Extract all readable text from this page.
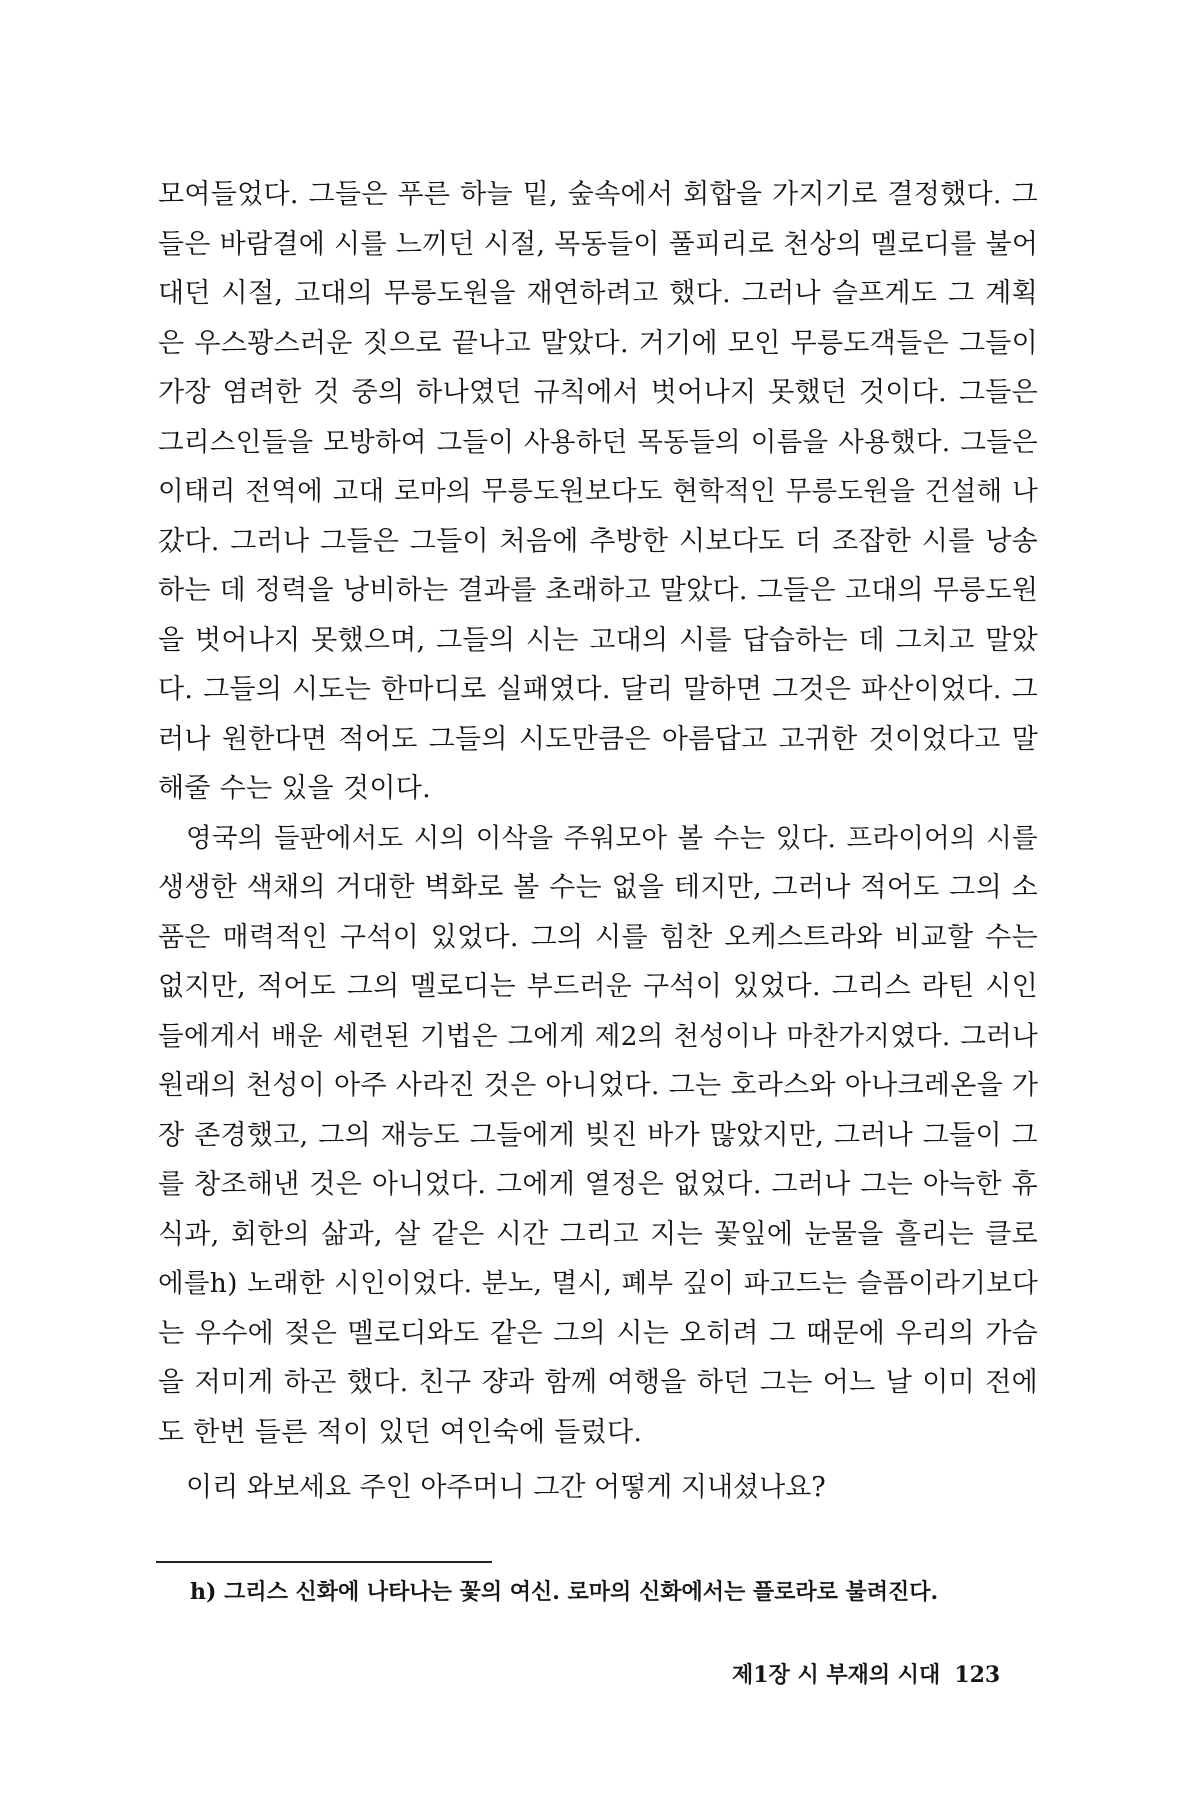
모여들었다. 그들은 푸른 하늘 밑, 숲속에서 회합을 가지기로 결정했다. 그
들은 바람결에 시를 느끼던 시절, 목동들이 풀피리로 천상의 멜로디를 불어
대던 시절, 고대의 무릉도원을 재연하려고 했다. 그러나 슬프게도 그 계획
은 우스꽝스러운 짓으로 끝나고 말았다. 거기에 모인 무릉도객들은 그들이
가장 염려한 것 중의 하나였던 규칙에서 벗어나지 못했던 것이다. 그들은
그리스인들을 모방하여 그들이 사용하던 목동들의 이름을 사용했다. 그들은
이태리 전역에 고대 로마의 무릉도원보다도 현학적인 무릉도원을 건설해 나
갔다. 그러나 그들은 그들이 처음에 추방한 시보다도 더 조잡한 시를 낭송
하는 데 정력을 낭비하는 결과를 초래하고 말았다. 그들은 고대의 무릉도원
을 벗어나지 못했으며, 그들의 시는 고대의 시를 답습하는 데 그치고 말았
다. 그들의 시도는 한마디로 실패였다. 달리 말하면 그것은 파산이었다. 그
러나 원한다면 적어도 그들의 시도만큼은 아름답고 고귀한 것이었다고 말
해줄 수는 있을 것이다.
영국의 들판에서도 시의 이삭을 주워모아 볼 수는 있다. 프라이어의 시를
생생한 색채의 거대한 벽화로 볼 수는 없을 테지만, 그러나 적어도 그의 소
품은 매력적인 구석이 있었다. 그의 시를 힘찬 오케스트라와 비교할 수는
없지만, 적어도 그의 멜로디는 부드러운 구석이 있었다. 그리스 라틴 시인
들에게서 배운 세련된 기법은 그에게 제2의 천성이나 마찬가지였다. 그러나
원래의 천성이 아주 사라진 것은 아니었다. 그는 호라스와 아나크레온을 가
장 존경했고, 그의 재능도 그들에게 빚진 바가 많았지만, 그러나 그들이 그
를 창조해낸 것은 아니었다. 그에게 열정은 없었다. 그러나 그는 아늑한 휴
식과, 회한의 삶과, 살 같은 시간 그리고 지는 꽃잎에 눈물을 흘리는 클로
에를h) 노래한 시인이었다. 분노, 멸시, 폐부 깊이 파고드는 슬픔이라기보다
는 우수에 젖은 멜로디와도 같은 그의 시는 오히려 그 때문에 우리의 가슴
을 저미게 하곤 했다. 친구 쟝과 함께 여행을 하던 그는 어느 날 이미 전에
도 한번 들른 적이 있던 여인숙에 들렀다.
이리 와보세요 주인 아주머니 그간 어떻게 지내셨나요?
h) 그리스 신화에 나타나는 꽃의 여신. 로마의 신화에서는 플로라로 불려진다.
제1장 시 부재의 시대 123
